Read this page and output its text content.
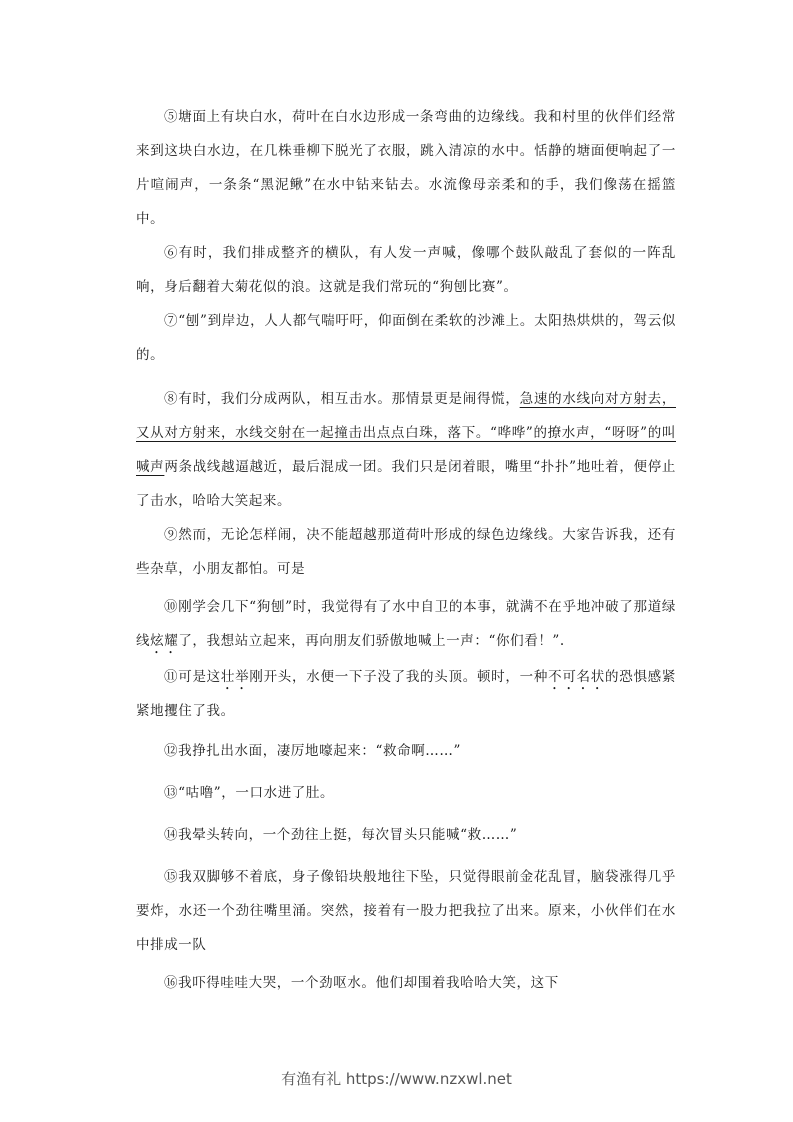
⑤塘面上有块白水，荷叶在白水边形成一条弯曲的边缘线。我和村里的伙伴们经常来到这块白水边，在几株垂柳下脱光了衣服，跳入清凉的水中。恬静的塘面便响起了一片喧闹声，一条条“黑泥鳅”在水中钻来钻去。水流像母亲柔和的手，我们像荡在摇篮中。

⑥有时，我们排成整齐的横队，有人发一声喊，像哪个鼓队敲乱了套似的一阵乱响，身后翻着大菊花似的浪。这就是我们常玩的“狗刨比赛”。

⑦“刨”到岸边，人人都气喘吁吁，仰面倒在柔软的沙滩上。太阳热烘烘的，驾云似的。

⑧有时，我们分成两队，相互击水。那情景更是闹得慌，急速的水线向对方射去，又从对方射来，水线交射在一起撞击出点点白珠，落下。“哗哗”的撩水声，“呀呀”的叫喊声两条战线越逼越近，最后混成一团。我们只是闭着眼，嘴里“扑扑”地吐着，便停止了击水，哈哈大笑起来。

⑨然而，无论怎样闹，决不能超越那道荷叶形成的绿色边缘线。大家告诉我，还有些杂草，小朋友都怕。可是

⑩刚学会几下“狗刨”时，我觉得有了水中自卫的本事，就满不在乎地冲破了那道绿线炫耀了，我想站立起来，再向朋友们骄傲地喊上一声：“你们看！”.

⑪可是这壮举刚开头，水便一下子没了我的头顶。顿时，一种不可名状的恐惧感紧紧地攫住了我。

⑫我挣扎出水面，凄厉地嚎起来：“救命啊……”

⑬“咕噜”，一口水进了肚。

⑭我晕头转向，一个劲往上挺，每次冒头只能喊“救……”

⑮我双脚够不着底，身子像铅块般地往下坠，只觉得眼前金花乱冒，脑袋涨得几乎要炸，水还一个劲往嘴里涌。突然，接着有一股力把我拉了出来。原来，小伙伴们在水中排成一队

⑯我吓得哇哇大哭，一个劲呕水。他们却围着我哈哈大笑，这下

有渔有礼 https://www.nzxwl.net
